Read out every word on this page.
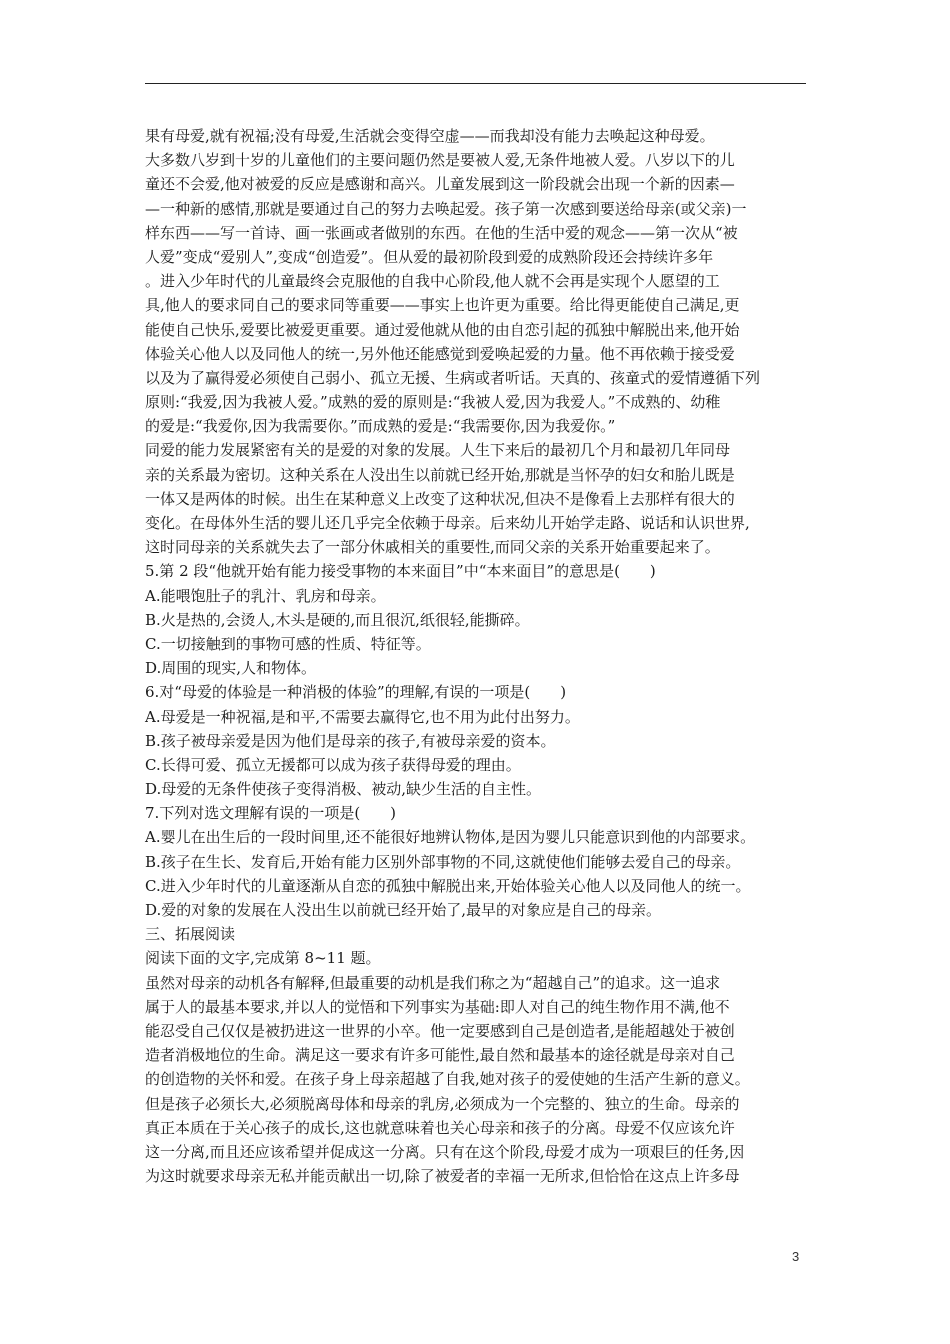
果有母爱,就有祝福;没有母爱,生活就会变得空虚——而我却没有能力去唤起这种母爱。
大多数八岁到十岁的儿童他们的主要问题仍然是要被人爱,无条件地被人爱。八岁以下的儿
童还不会爱,他对被爱的反应是感谢和高兴。儿童发展到这一阶段就会出现一个新的因素—
—一种新的感情,那就是要通过自己的努力去唤起爱。孩子第一次感到要送给母亲(或父亲)一
样东西——写一首诗、画一张画或者做别的东西。在他的生活中爱的观念——第一次从“被
人爱”变成“爱别人”,变成“创造爱”。但从爱的最初阶段到爱的成熟阶段还会持续许多年
。进入少年时代的儿童最终会克服他的自我中心阶段,他人就不会再是实现个人愿望的工
具,他人的要求同自己的要求同等重要——事实上也许更为重要。给比得更能使自己满足,更
能使自己快乐,爱要比被爱更重要。通过爱他就从他的由自恋引起的孤独中解脱出来,他开始
体验关心他人以及同他人的统一,另外他还能感觉到爱唤起爱的力量。他不再依赖于接受爱
以及为了赢得爱必须使自己弱小、孤立无援、生病或者听话。天真的、孩童式的爱情遵循下列
原则:“我爱,因为我被人爱。”成熟的爱的原则是:“我被人爱,因为我爱人。”不成熟的、幼稚
的爱是:“我爱你,因为我需要你。”而成熟的爱是:“我需要你,因为我爱你。”
同爱的能力发展紧密有关的是爱的对象的发展。人生下来后的最初几个月和最初几年同母
亲的关系最为密切。这种关系在人没出生以前就已经开始,那就是当怀孕的妇女和胎儿既是
一体又是两体的时候。出生在某种意义上改变了这种状况,但决不是像看上去那样有很大的
变化。在母体外生活的婴儿还几乎完全依赖于母亲。后来幼儿开始学走路、说话和认识世界,
这时同母亲的关系就失去了一部分休戚相关的重要性,而同父亲的关系开始重要起来了。
5.第 2 段“他就开始有能力接受事物的本来面目”中“本来面目”的意思是(　　)
A.能喂饱肚子的乳汁、乳房和母亲。
B.火是热的,会烫人,木头是硬的,而且很沉,纸很轻,能撕碎。
C.一切接触到的事物可感的性质、特征等。
D.周围的现实,人和物体。
6.对“母爱的体验是一种消极的体验”的理解,有误的一项是(　　)
A.母爱是一种祝福,是和平,不需要去赢得它,也不用为此付出努力。
B.孩子被母亲爱是因为他们是母亲的孩子,有被母亲爱的资本。
C.长得可爱、孤立无援都可以成为孩子获得母爱的理由。
D.母爱的无条件使孩子变得消极、被动,缺少生活的自主性。
7.下列对选文理解有误的一项是(　　)
A.婴儿在出生后的一段时间里,还不能很好地辨认物体,是因为婴儿只能意识到他的内部要求。
B.孩子在生长、发育后,开始有能力区别外部事物的不同,这就使他们能够去爱自己的母亲。
C.进入少年时代的儿童逐渐从自恋的孤独中解脱出来,开始体验关心他人以及同他人的统一。
D.爱的对象的发展在人没出生以前就已经开始了,最早的对象应是自己的母亲。
三、拓展阅读
阅读下面的文字,完成第 8~11 题。
虽然对母亲的动机各有解释,但最重要的动机是我们称之为“超越自己”的追求。这一追求
属于人的最基本要求,并以人的觉悟和下列事实为基础:即人对自己的纯生物作用不满,他不
能忍受自己仅仅是被扔进这一世界的小卒。他一定要感到自己是创造者,是能超越处于被创
造者消极地位的生命。满足这一要求有许多可能性,最自然和最基本的途径就是母亲对自己
的创造物的关怀和爱。在孩子身上母亲超越了自我,她对孩子的爱使她的生活产生新的意义。
但是孩子必须长大,必须脱离母体和母亲的乳房,必须成为一个完整的、独立的生命。母亲的
真正本质在于关心孩子的成长,这也就意味着也关心母亲和孩子的分离。母爱不仅应该允许
这一分离,而且还应该希望并促成这一分离。只有在这个阶段,母爱才成为一项艰巨的任务,因
为这时就要求母亲无私并能贡献出一切,除了被爱者的幸福一无所求,但恰恰在这点上许多母
3
